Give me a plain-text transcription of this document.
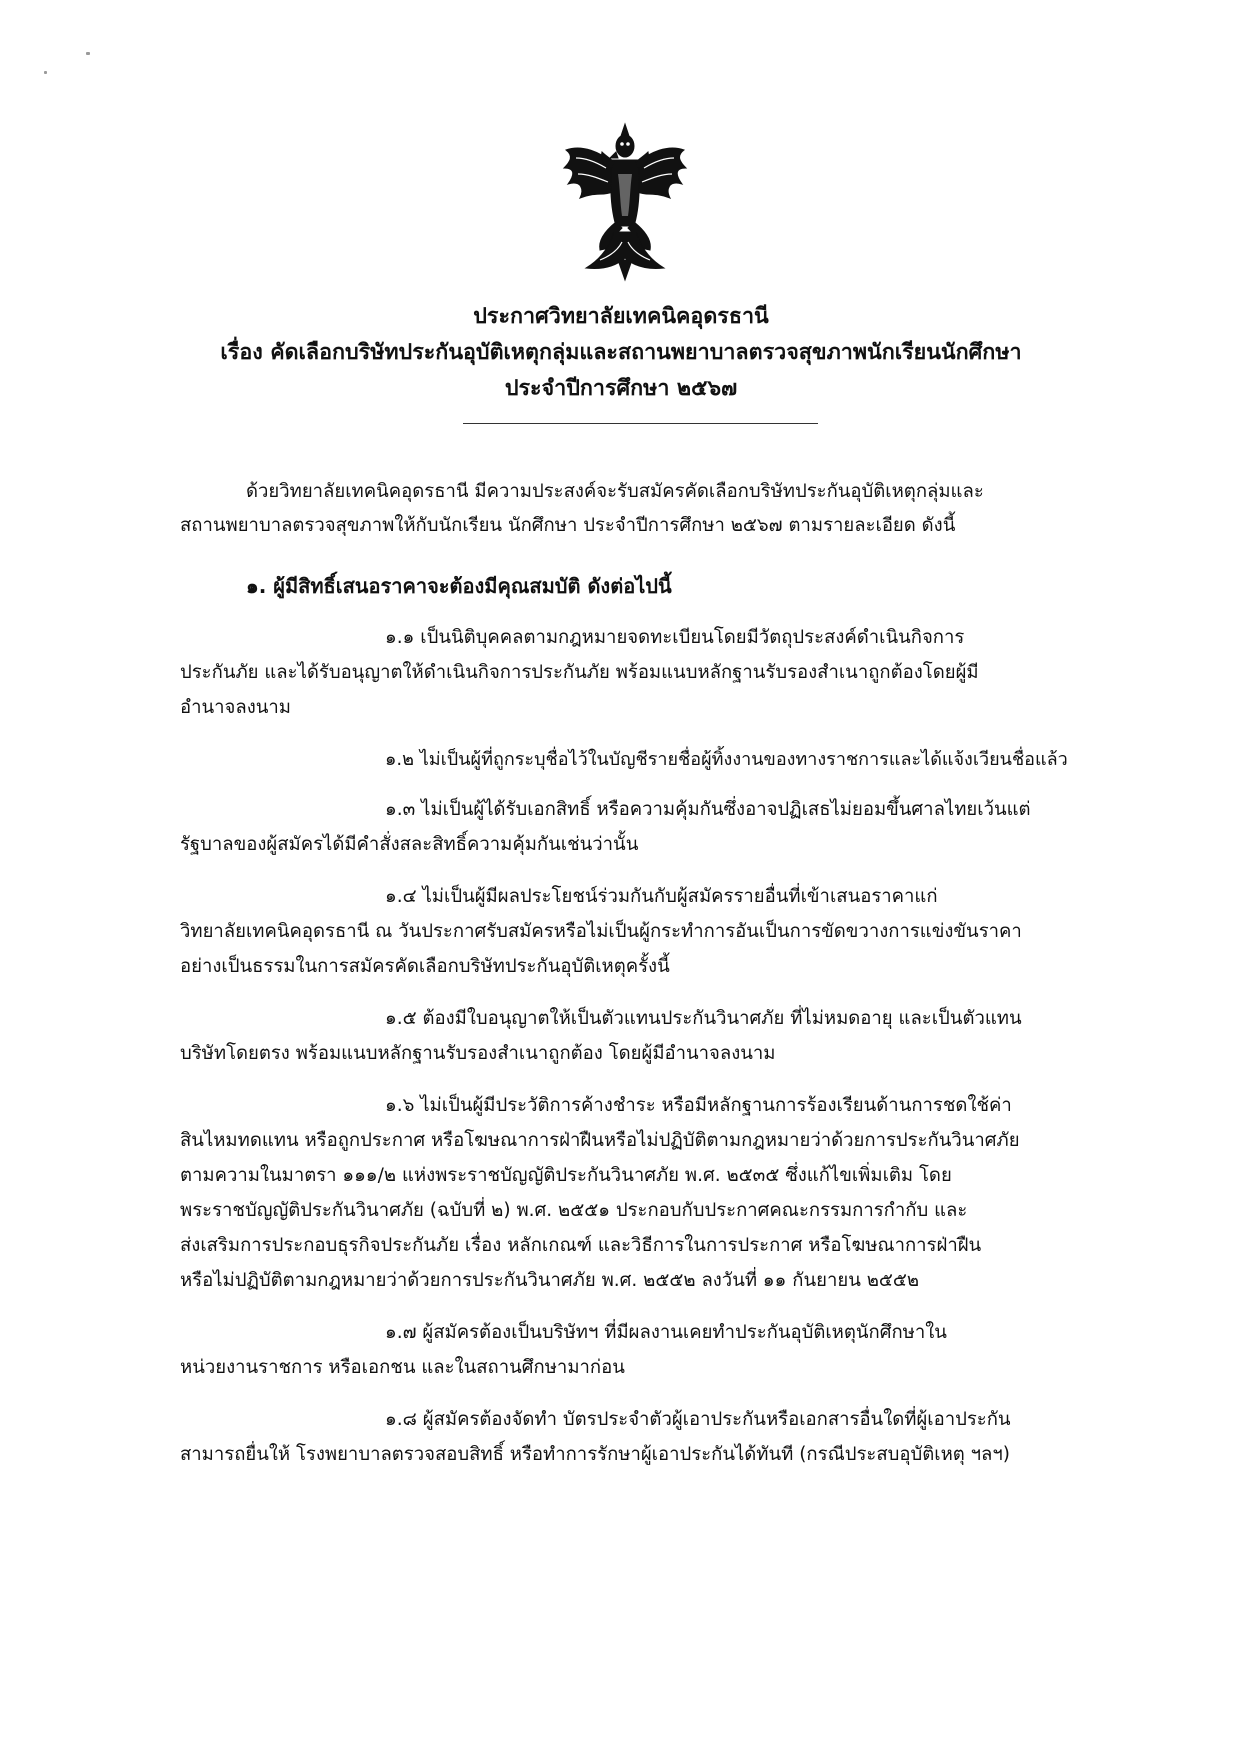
ประกาศวิทยาลัยเทคนิคอุดรธานี
เรื่อง คัดเลือกบริษัทประกันอุบัติเหตุกลุ่มและสถานพยาบาลตรวจสุขภาพนักเรียนนักศึกษา
ประจำปีการศึกษา ๒๕๖๗
ด้วยวิทยาลัยเทคนิคอุดรธานี มีความประสงค์จะรับสมัครคัดเลือกบริษัทประกันอุบัติเหตุกลุ่มและ
สถานพยาบาลตรวจสุขภาพให้กับนักเรียน นักศึกษา ประจำปีการศึกษา ๒๕๖๗ ตามรายละเอียด ดังนี้
๑. ผู้มีสิทธิ์เสนอราคาจะต้องมีคุณสมบัติ ดังต่อไปนี้
๑.๑ เป็นนิติบุคคลตามกฎหมายจดทะเบียนโดยมีวัตถุประสงค์ดำเนินกิจการ
ประกันภัย และได้รับอนุญาตให้ดำเนินกิจการประกันภัย พร้อมแนบหลักฐานรับรองสำเนาถูกต้องโดยผู้มี
อำนาจลงนาม
๑.๒ ไม่เป็นผู้ที่ถูกระบุชื่อไว้ในบัญชีรายชื่อผู้ทิ้งงานของทางราชการและได้แจ้งเวียนชื่อแล้ว
๑.๓ ไม่เป็นผู้ได้รับเอกสิทธิ์ หรือความคุ้มกันซึ่งอาจปฏิเสธไม่ยอมขึ้นศาลไทยเว้นแต่
รัฐบาลของผู้สมัครได้มีคำสั่งสละสิทธิ์ความคุ้มกันเช่นว่านั้น
๑.๔ ไม่เป็นผู้มีผลประโยชน์ร่วมกันกับผู้สมัครรายอื่นที่เข้าเสนอราคาแก่
วิทยาลัยเทคนิคอุดรธานี ณ วันประกาศรับสมัครหรือไม่เป็นผู้กระทำการอันเป็นการขัดขวางการแข่งขันราคา
อย่างเป็นธรรมในการสมัครคัดเลือกบริษัทประกันอุบัติเหตุครั้งนี้
๑.๕ ต้องมีใบอนุญาตให้เป็นตัวแทนประกันวินาศภัย ที่ไม่หมดอายุ และเป็นตัวแทน
บริษัทโดยตรง พร้อมแนบหลักฐานรับรองสำเนาถูกต้อง โดยผู้มีอำนาจลงนาม
๑.๖ ไม่เป็นผู้มีประวัติการค้างชำระ หรือมีหลักฐานการร้องเรียนด้านการชดใช้ค่า
สินไหมทดแทน หรือถูกประกาศ หรือโฆษณาการฝ่าฝืนหรือไม่ปฏิบัติตามกฎหมายว่าด้วยการประกันวินาศภัย
ตามความในมาตรา ๑๑๑/๒ แห่งพระราชบัญญัติประกันวินาศภัย พ.ศ. ๒๕๓๕ ซึ่งแก้ไขเพิ่มเติม โดย
พระราชบัญญัติประกันวินาศภัย (ฉบับที่ ๒) พ.ศ. ๒๕๕๑ ประกอบกับประกาศคณะกรรมการกำกับ และ
ส่งเสริมการประกอบธุรกิจประกันภัย เรื่อง หลักเกณฑ์ และวิธีการในการประกาศ หรือโฆษณาการฝ่าฝืน
หรือไม่ปฏิบัติตามกฎหมายว่าด้วยการประกันวินาศภัย พ.ศ. ๒๕๕๒ ลงวันที่ ๑๑ กันยายน ๒๕๕๒
๑.๗ ผู้สมัครต้องเป็นบริษัทฯ ที่มีผลงานเคยทำประกันอุบัติเหตุนักศึกษาใน
หน่วยงานราชการ หรือเอกชน และในสถานศึกษามาก่อน
๑.๘ ผู้สมัครต้องจัดทำ บัตรประจำตัวผู้เอาประกันหรือเอกสารอื่นใดที่ผู้เอาประกัน
สามารถยื่นให้ โรงพยาบาลตรวจสอบสิทธิ์ หรือทำการรักษาผู้เอาประกันได้ทันที (กรณีประสบอุบัติเหตุ ฯลฯ)
